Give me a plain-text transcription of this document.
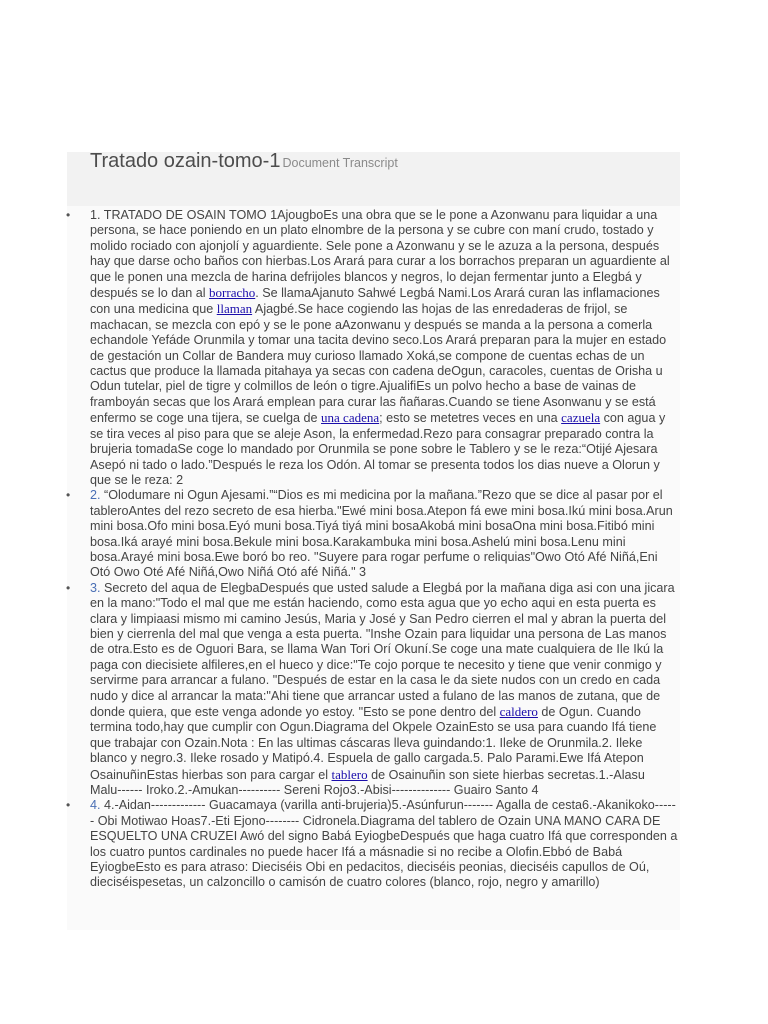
Tratado ozain-tomo-1 Document Transcript
• 1. TRATADO DE OSAIN TOMO 1AjougboEs una obra que se le pone a Azonwanu para liquidar a una persona, se hace poniendo en un plato elnombre de la persona y se cubre con maní crudo, tostado y molido rociado con ajonjolí y aguardiente. Sele pone a Azonwanu y se le azuza a la persona, después hay que darse ocho baños con hierbas.Los Arará para curar a los borrachos preparan un aguardiente al que le ponen una mezcla de harina defrijoles blancos y negros, lo dejan fermentar junto a Elegbá y después se lo dan al borracho. Se llamaAjanuto Sahwé Legbá Nami.Los Arará curan las inflamaciones con una medicina que llaman Ajagbé.Se hace cogiendo las hojas de las enredaderas de frijol, se machacan, se mezcla con epó y se le pone aAzonwanu y después se manda a la persona a comerla echandole Yefáde Orunmila y tomar una tacita devino seco.Los Arará preparan para la mujer en estado de gestación un Collar de Bandera muy curioso llamado Xoká,se compone de cuentas echas de un cactus que produce la llamada pitahaya ya secas con cadena deOgun, caracoles, cuentas de Orisha u Odun tutelar, piel de tigre y colmillos de león o tigre.AjualifiEs un polvo hecho a base de vainas de framboyán secas que los Arará emplean para curar las ñañaras.Cuando se tiene Asonwanu y se está enfermo se coge una tijera, se cuelga de una cadena; esto se metetres veces en una cazuela con agua y se tira veces al piso para que se aleje Ason, la enfermedad.Rezo para consagrar preparado contra la brujeria tomadaSe coge lo mandado por Orunmila se pone sobre le Tablero y se le reza:“Otijé Ajesara Asepó ni tado o lado.”Después le reza los Odón. Al tomar se presenta todos los dias nueve a Olorun y que se le reza: 2
• 2. “Olodumare ni Ogun Ajesami.”“Dios es mi medicina por la mañana.”Rezo que se dice al pasar por el tableroAntes del rezo secreto de esa hierba."Ewé mini bosa.Atepon fá ewe mini bosa.Ikú mini bosa.Arun mini bosa.Ofo mini bosa.Eyó muni bosa.Tiyá tiyá mini bosaAkobá mini bosaOna mini bosa.Fitibó mini bosa.Iká arayé mini bosa.Bekule mini bosa.Karakambuka mini bosa.Ashelú mini bosa.Lenu mini bosa.Arayé mini bosa.Ewe boró bo reo. "Suyere para rogar perfume o reliquias"Owo Otó Afé Niñá,Eni Otó Owo Oté Afé Niñá,Owo Niñá Otó afé Niñá." 3
• 3. Secreto del aqua de ElegbaDespués que usted salude a Elegbá por la mañana diga asi con una jicara en la mano:"Todo el mal que me están haciendo, como esta agua que yo echo aqui en esta puerta es clara y limpiaasi mismo mi camino Jesús, Maria y José y San Pedro cierren el mal y abran la puerta del bien y cierrenla del mal que venga a esta puerta. "Inshe Ozain para liquidar una persona de Las manos de otra.Esto es de Oguori Bara, se llama Wan Tori Orí Okuní.Se coge una mate cualquiera de Ile Ikú la paga con diecisiete alfileres,en el hueco y dice:"Te cojo porque te necesito y tiene que venir conmigo y servirme para arrancar a fulano. "Después de estar en la casa le da siete nudos con un credo en cada nudo y dice al arrancar la mata:"Ahi tiene que arrancar usted a fulano de las manos de zutana, que de donde quiera, que este venga adonde yo estoy. "Esto se pone dentro del caldero de Ogun. Cuando termina todo,hay que cumplir con Ogun.Diagrama del Okpele OzainEsto se usa para cuando Ifá tiene que trabajar con Ozain.Nota : En las ultimas cáscaras lleva guindando:1. Ileke de Orunmila.2. Ileke blanco y negro.3. Ileke rosado y Matipó.4. Espuela de gallo cargada.5. Palo Parami.Ewe Ifá Atepon OsainuñinEstas hierbas son para cargar el tablero de Osainuñin son siete hierbas secretas.1.-Alasu Malu------ Iroko.2.-Amukan---------- Sereni Rojo3.-Abisi-------------- Guairo Santo 4
• 4. 4.-Aidan------------- Guacamaya (varilla anti-brujeria)5.-Asúnfurun------- Agalla de cesta6.-Akanikoko------ Obi Motiwao Hoas7.-Eti Ejono-------- Cidronela.Diagrama del tablero de Ozain UNA MANO CARA DE ESQUELTO UNA CRUZEI Awó del signo Babá EyiogbeDespués que haga cuatro Ifá que corresponden a los cuatro puntos cardinales no puede hacer Ifá a másnadie si no recibe a Olofin.Ebbó de Babá EyiogbeEsto es para atraso: Dieciséis Obi en pedacitos, dieciséis peonias, dieciséis capullos de Oú, dieciséispesetas, un calzoncillo o camisón de cuatro colores (blanco, rojo, negro y amarillo)
